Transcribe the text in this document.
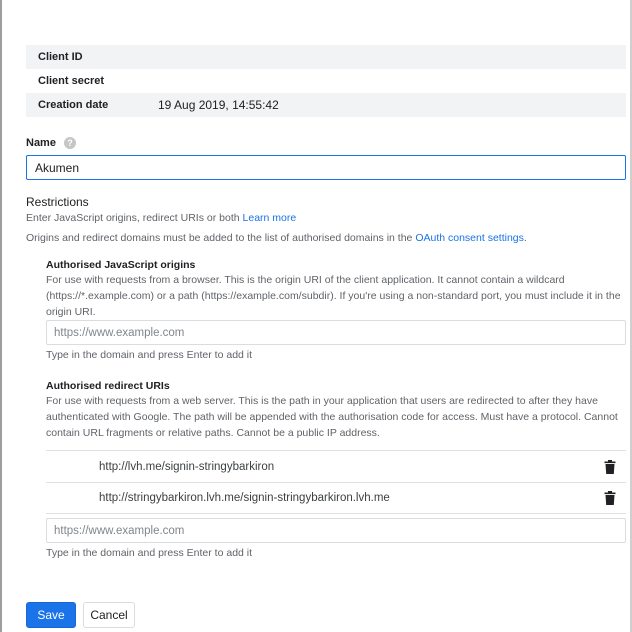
Client ID
Client secret
Creation date	19 Aug 2019, 14:55:42
Name	?
Akumen
Restrictions
Enter JavaScript origins, redirect URIs or both Learn more
Origins and redirect domains must be added to the list of authorised domains in the OAuth consent settings.
Authorised JavaScript origins
For use with requests from a browser. This is the origin URI of the client application. It cannot contain a wildcard (https://*.example.com) or a path (https://example.com/subdir). If you're using a non-standard port, you must include it in the origin URI.
https://www.example.com
Type in the domain and press Enter to add it
Authorised redirect URIs
For use with requests from a web server. This is the path in your application that users are redirected to after they have authenticated with Google. The path will be appended with the authorisation code for access. Must have a protocol. Cannot contain URL fragments or relative paths. Cannot be a public IP address.
http://lvh.me/signin-stringybarkiron
http://stringybarkiron.lvh.me/signin-stringybarkiron.lvh.me
https://www.example.com
Type in the domain and press Enter to add it
Save	Cancel
